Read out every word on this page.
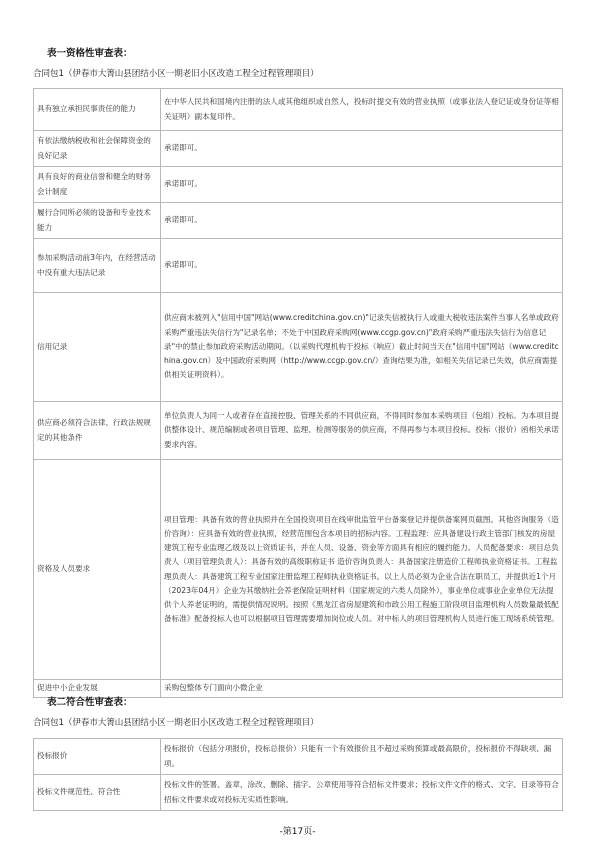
表一资格性审查表：
合同包1（伊春市大箐山县团结小区一期老旧小区改造工程全过程管理项目）
具有独立承担民事责任的能力	在中华人民共和国境内注册的法人或其他组织或自然人，投标时提交有效的营业执照（或事业法人登记证或身份证等相关证明）副本复印件。
有依法缴纳税收和社会保障资金的良好记录	承诺即可。
具有良好的商业信誉和健全的财务会计制度	承诺即可。
履行合同所必须的设备和专业技术能力	承诺即可。
参加采购活动前3年内，在经营活动中没有重大违法记录	承诺即可。
信用记录	供应商未被列入"信用中国"网站(www.creditchina.gov.cn)"记录失信被执行人或重大税收违法案件当事人名单或政府采购严重违法失信行为"记录名单；不处于中国政府采购网(www.ccgp.gov.cn)"政府采购严重违法失信行为信息记录"中的禁止参加政府采购活动期间。（以采购代理机构于投标（响应）截止时间当天在"信用中国"网站（www.creditchina.gov.cn）及中国政府采购网（http://www.ccgp.gov.cn/）查询结果为准，如相关失信记录已失效，供应商需提供相关证明资料）。
供应商必须符合法律、行政法规规定的其他条件	单位负责人为同一人或者存在直接控股、管理关系的不同供应商，不得同时参加本采购项目（包组）投标。为本项目提供整体设计、规范编制或者项目管理、监理、检测等服务的供应商，不得再参与本项目投标。投标（报价）函相关承诺要求内容。
资格及人员要求	项目管理：具备有效的营业执照并在全国投资项目在线审批监管平台备案登记并提供备案网页截图。其他咨询服务（造价咨询）：应具备有效的营业执照，经营范围包含本项目的招标内容。工程监理：应具备建设行政主管部门核发的房屋建筑工程专业监理乙级及以上资质证书，并在人员、设备、资金等方面具有相应的履约能力。人员配备要求：项目总负责人（项目管理负责人）：具备有效的高级职称证书 造价咨询负责人：具备国家注册造价工程师执业资格证书。工程监理负责人：具备建筑工程专业国家注册监理工程师执业资格证书。以上人员必须为企业合法在职员工，并提供近1个月（2023年04月）企业为其缴纳社会养老保险证明材料（国家规定的六类人员除外），事业单位或事业企业单位无法提供个人养老证明的，需提供情况说明。按照《黑龙江省房屋建筑和市政公用工程施工阶段项目监理机构人员数量最低配备标准》配备投标人也可以根据项目管理需要增加岗位或人员。对中标人的项目管理机构人员进行施工现场系统管理。
促进中小企业发展	采购包整体专门面向小微企业
表二符合性审查表：
合同包1（伊春市大箐山县团结小区一期老旧小区改造工程全过程管理项目）
投标报价	投标报价（包括分项报价，投标总报价）只能有一个有效报价且不超过采购预算或最高限价，投标报价不得缺项、漏项。
投标文件规范性、符合性	投标文件的签署、盖章、涂改、删除、插字、公章使用等符合招标文件要求；投标文件文件的格式、文字、目录等符合招标文件要求或对投标无实质性影响。
-第17页-
